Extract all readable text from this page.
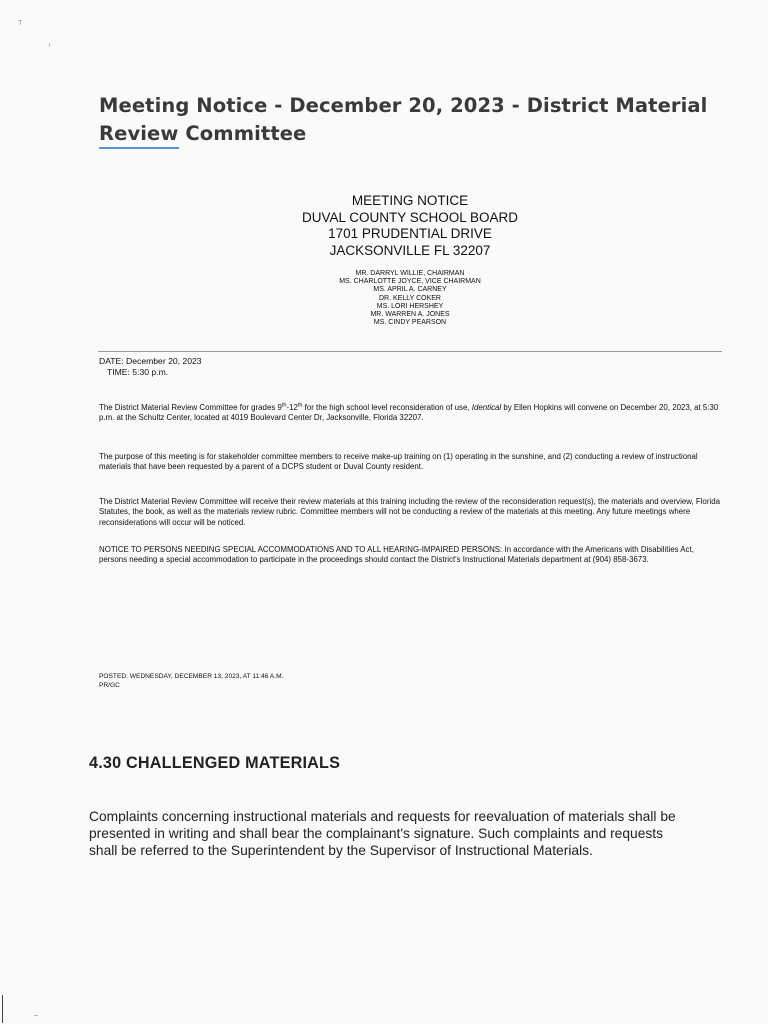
Meeting Notice - December 20, 2023 - District Material Review Committee
MEETING NOTICE
DUVAL COUNTY SCHOOL BOARD
1701 PRUDENTIAL DRIVE
JACKSONVILLE FL 32207
MR. DARRYL WILLIE, CHAIRMAN
MS. CHARLOTTE JOYCE, VICE CHAIRMAN
MS. APRIL A. CARNEY
DR. KELLY COKER
MS. LORI HERSHEY
MR. WARREN A. JONES
MS. CINDY PEARSON
DATE: December 20, 2023
TIME: 5:30 p.m.
The District Material Review Committee for grades 9th-12th for the high school level reconsideration of use, Identical by Ellen Hopkins will convene on December 20, 2023, at 5:30 p.m. at the Schultz Center, located at 4019 Boulevard Center Dr, Jacksonville, Florida 32207.
The purpose of this meeting is for stakeholder committee members to receive make-up training on (1) operating in the sunshine, and (2) conducting a review of instructional materials that have been requested by a parent of a DCPS student or Duval County resident.
The District Material Review Committee will receive their review materials at this training including the review of the reconsideration request(s), the materials and overview, Florida Statutes, the book, as well as the materials review rubric. Committee members will not be conducting a review of the materials at this meeting. Any future meetings where reconsiderations will occur will be noticed.
NOTICE TO PERSONS NEEDING SPECIAL ACCOMMODATIONS AND TO ALL HEARING-IMPAIRED PERSONS: In accordance with the Americans with Disabilities Act, persons needing a special accommodation to participate in the proceedings should contact the District's Instructional Materials department at (904) 858-3673.
POSTED: WEDNESDAY, DECEMBER 13, 2023, AT 11:46 A.M.
PR/GC
4.30 CHALLENGED MATERIALS
Complaints concerning instructional materials and requests for reevaluation of materials shall be presented in writing and shall bear the complainant's signature. Such complaints and requests shall be referred to the Superintendent by the Supervisor of Instructional Materials.
